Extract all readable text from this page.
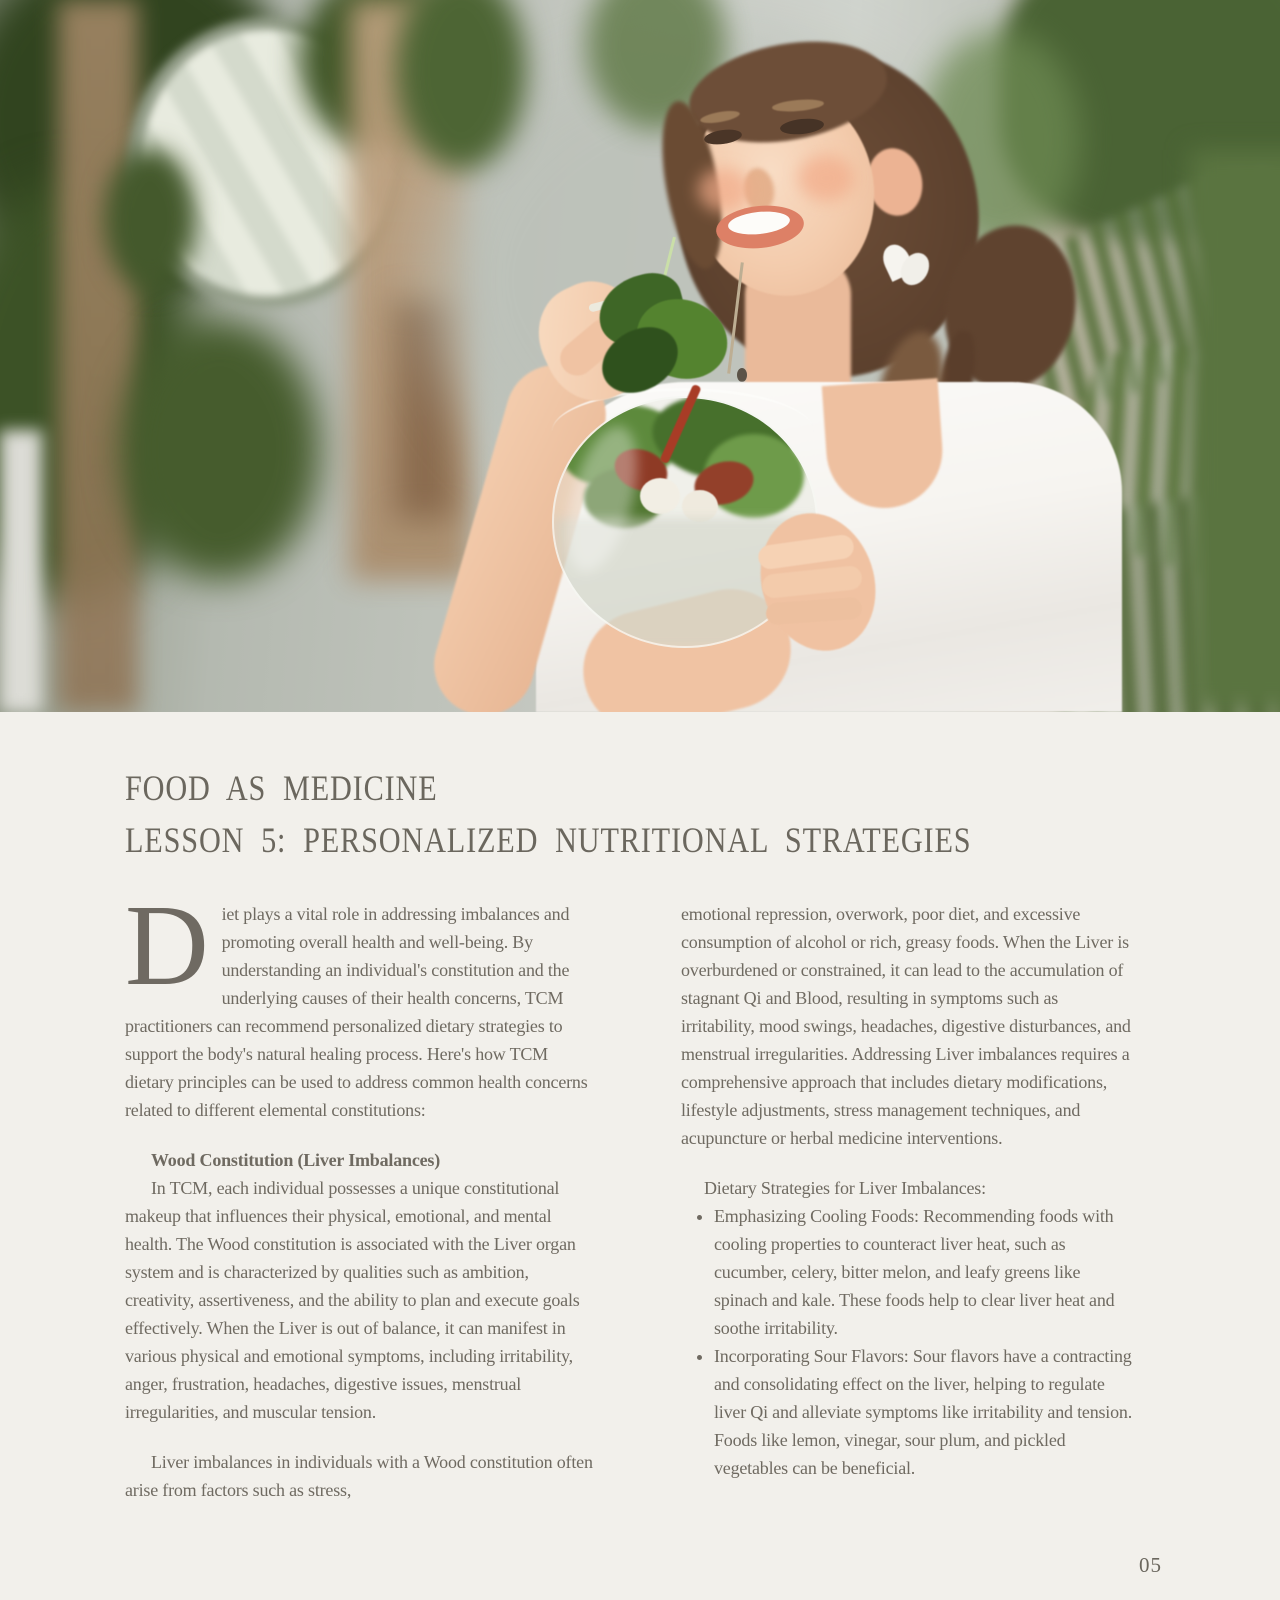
FOOD AS MEDICINE
LESSON 5: PERSONALIZED NUTRITIONAL STRATEGIES

Diet plays a vital role in addressing imbalances and promoting overall health and well-being. By understanding an individual's constitution and the underlying causes of their health concerns, TCM practitioners can recommend personalized dietary strategies to support the body's natural healing process. Here's how TCM dietary principles can be used to address common health concerns related to different elemental constitutions:

Wood Constitution (Liver Imbalances)

In TCM, each individual possesses a unique constitutional makeup that influences their physical, emotional, and mental health. The Wood constitution is associated with the Liver organ system and is characterized by qualities such as ambition, creativity, assertiveness, and the ability to plan and execute goals effectively. When the Liver is out of balance, it can manifest in various physical and emotional symptoms, including irritability, anger, frustration, headaches, digestive issues, menstrual irregularities, and muscular tension.

Liver imbalances in individuals with a Wood constitution often arise from factors such as stress,

emotional repression, overwork, poor diet, and excessive consumption of alcohol or rich, greasy foods. When the Liver is overburdened or constrained, it can lead to the accumulation of stagnant Qi and Blood, resulting in symptoms such as irritability, mood swings, headaches, digestive disturbances, and menstrual irregularities. Addressing Liver imbalances requires a comprehensive approach that includes dietary modifications, lifestyle adjustments, stress management techniques, and acupuncture or herbal medicine interventions.

Dietary Strategies for Liver Imbalances:

• Emphasizing Cooling Foods: Recommending foods with cooling properties to counteract liver heat, such as cucumber, celery, bitter melon, and leafy greens like spinach and kale. These foods help to clear liver heat and soothe irritability.
• Incorporating Sour Flavors: Sour flavors have a contracting and consolidating effect on the liver, helping to regulate liver Qi and alleviate symptoms like irritability and tension. Foods like lemon, vinegar, sour plum, and pickled vegetables can be beneficial.
05
